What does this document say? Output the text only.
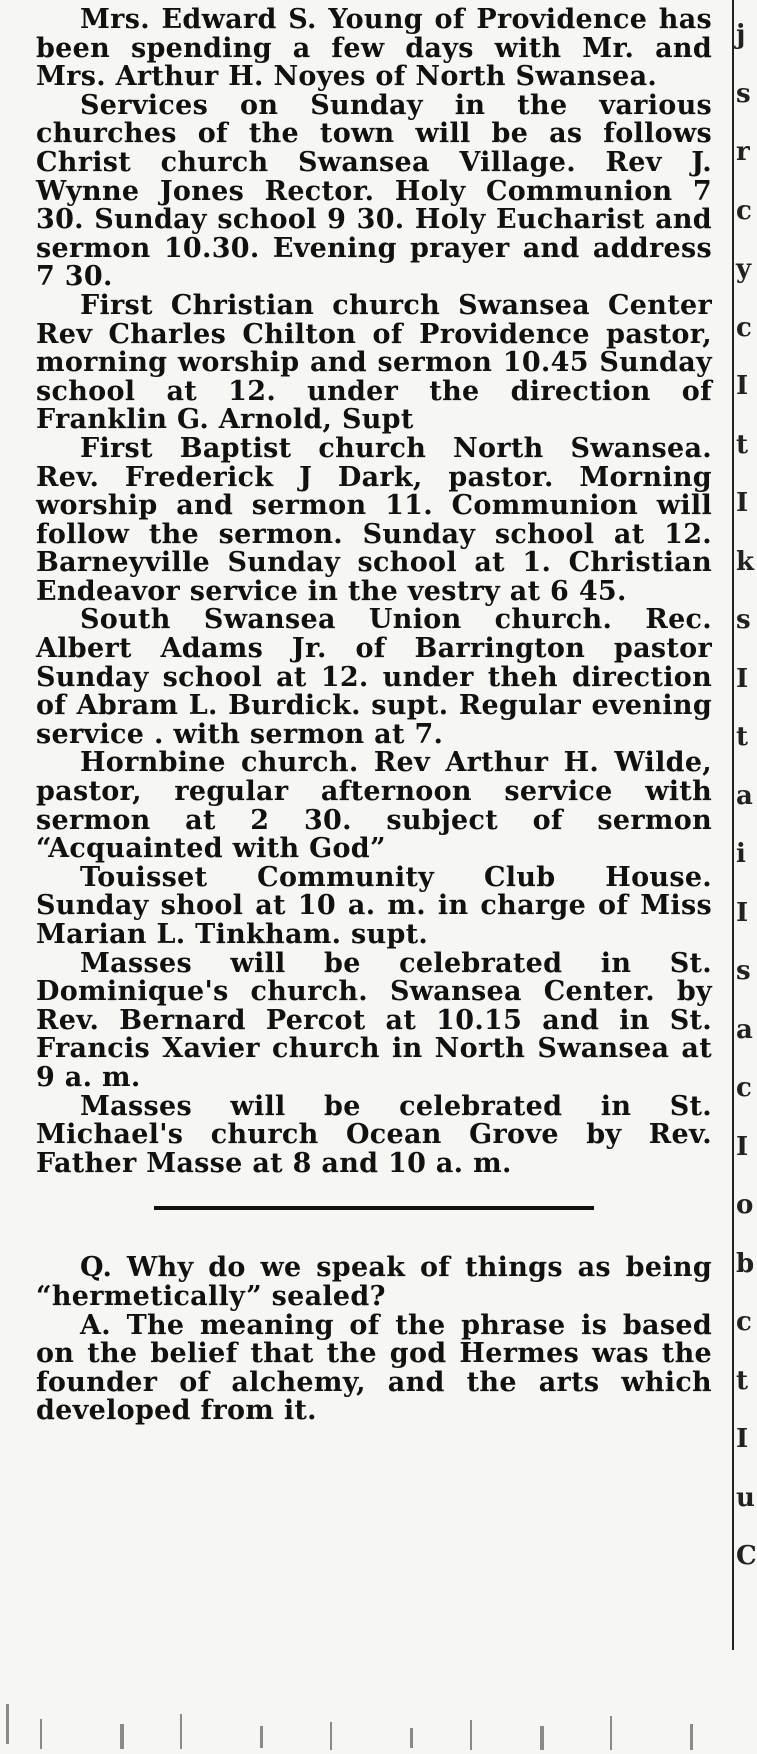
Mrs. Edward S. Young of Providence has been spending a few days with Mr. and Mrs. Arthur H. Noyes of North Swansea.

Services on Sunday in the various churches of the town will be as follows Christ church Swansea Village. Rev J. Wynne Jones Rector. Holy Communion 7 30. Sunday school 9 30. Holy Eucharist and sermon 10.30. Evening prayer and address 7 30.

First Christian church Swansea Center Rev Charles Chilton of Providence pastor, morning worship and sermon 10.45 Sunday school at 12. under the direction of Franklin G. Arnold, Supt

First Baptist church North Swansea. Rev. Frederick J Dark, pastor. Morning worship and sermon 11. Communion will follow the sermon. Sunday school at 12. Barneyville Sunday school at 1. Christian Endeavor service in the vestry at 6 45.

South Swansea Union church. Rec. Albert Adams Jr. of Barrington pastor Sunday school at 12. under theh direction of Abram L. Burdick. supt. Regular evening service . with sermon at 7.

Hornbine church. Rev Arthur H. Wilde, pastor, regular afternoon service with sermon at 2 30. subject of sermon “Acquainted with God”

Touisset Community Club House. Sunday shool at 10 a. m. in charge of Miss Marian L. Tinkham. supt.

Masses will be celebrated in St. Dominique's church. Swansea Center. by Rev. Bernard Percot at 10.15 and in St. Francis Xavier church in North Swansea at 9 a. m.

Masses will be celebrated in St. Michael's church Ocean Grove by Rev. Father Masse at 8 and 10 a. m.

Q. Why do we speak of things as being “hermetically” sealed?

A. The meaning of the phrase is based on the belief that the god Hermes was the founder of alchemy, and the arts which developed from it.

j
s
r
c
y
c
I
t
I
k
s
I
t
a
i
I
s
a
c
I
o
b
c
t
I
u
C
